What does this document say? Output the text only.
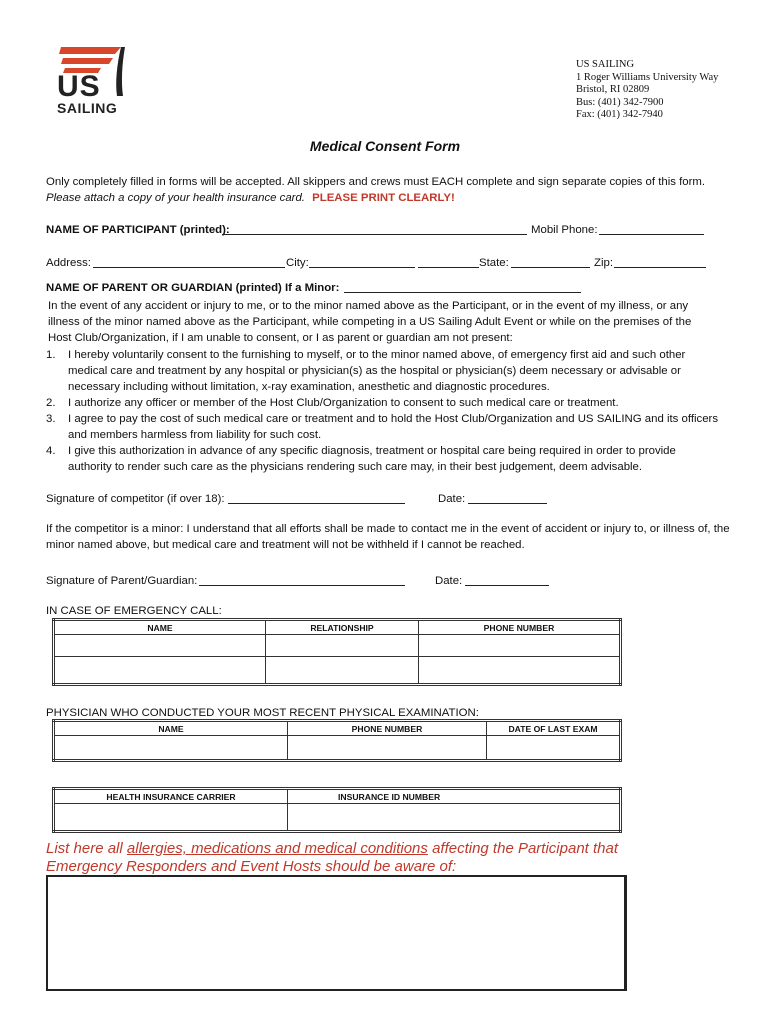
US
SAILING
US SAILING
1 Roger Williams University Way
Bristol, RI 02809
Bus: (401) 342-7900
Fax: (401) 342-7940
Medical Consent Form
Only completely filled in forms will be accepted. All skippers and crews must EACH complete and sign separate copies of this form.
Please attach a copy of your health insurance card. PLEASE PRINT CLEARLY!
NAME OF PARTICIPANT (printed):	Mobil Phone:
Address:	City:	State:	Zip:
NAME OF PARENT OR GUARDIAN (printed) If a Minor:
In the event of any accident or injury to me, or to the minor named above as the Participant, or in the event of my illness, or any
illness of the minor named above as the Participant, while competing in a US Sailing Adult Event or while on the premises of the
Host Club/Organization, if I am unable to consent, or I as parent or guardian am not present:
1. I hereby voluntarily consent to the furnishing to myself, or to the minor named above, of emergency first aid and such other
medical care and treatment by any hospital or physician(s) as the hospital or physician(s) deem necessary or advisable or
necessary including without limitation, x-ray examination, anesthetic and diagnostic procedures.
2. I authorize any officer or member of the Host Club/Organization to consent to such medical care or treatment.
3. I agree to pay the cost of such medical care or treatment and to hold the Host Club/Organization and US SAILING and its officers
and members harmless from liability for such cost.
4. I give this authorization in advance of any specific diagnosis, treatment or hospital care being required in order to provide
authority to render such care as the physicians rendering such care may, in their best judgement, deem advisable.
Signature of competitor (if over 18):	Date:
If the competitor is a minor: I understand that all efforts shall be made to contact me in the event of accident or injury to, or illness of, the
minor named above, but medical care and treatment will not be withheld if I cannot be reached.
Signature of Parent/Guardian:	Date:
IN CASE OF EMERGENCY CALL:
NAME	RELATIONSHIP	PHONE NUMBER

PHYSICIAN WHO CONDUCTED YOUR MOST RECENT PHYSICAL EXAMINATION:
NAME	PHONE NUMBER	DATE OF LAST EXAM

HEALTH INSURANCE CARRIER	INSURANCE ID NUMBER

List here all allergies, medications and medical conditions affecting the Participant that
Emergency Responders and Event Hosts should be aware of:
